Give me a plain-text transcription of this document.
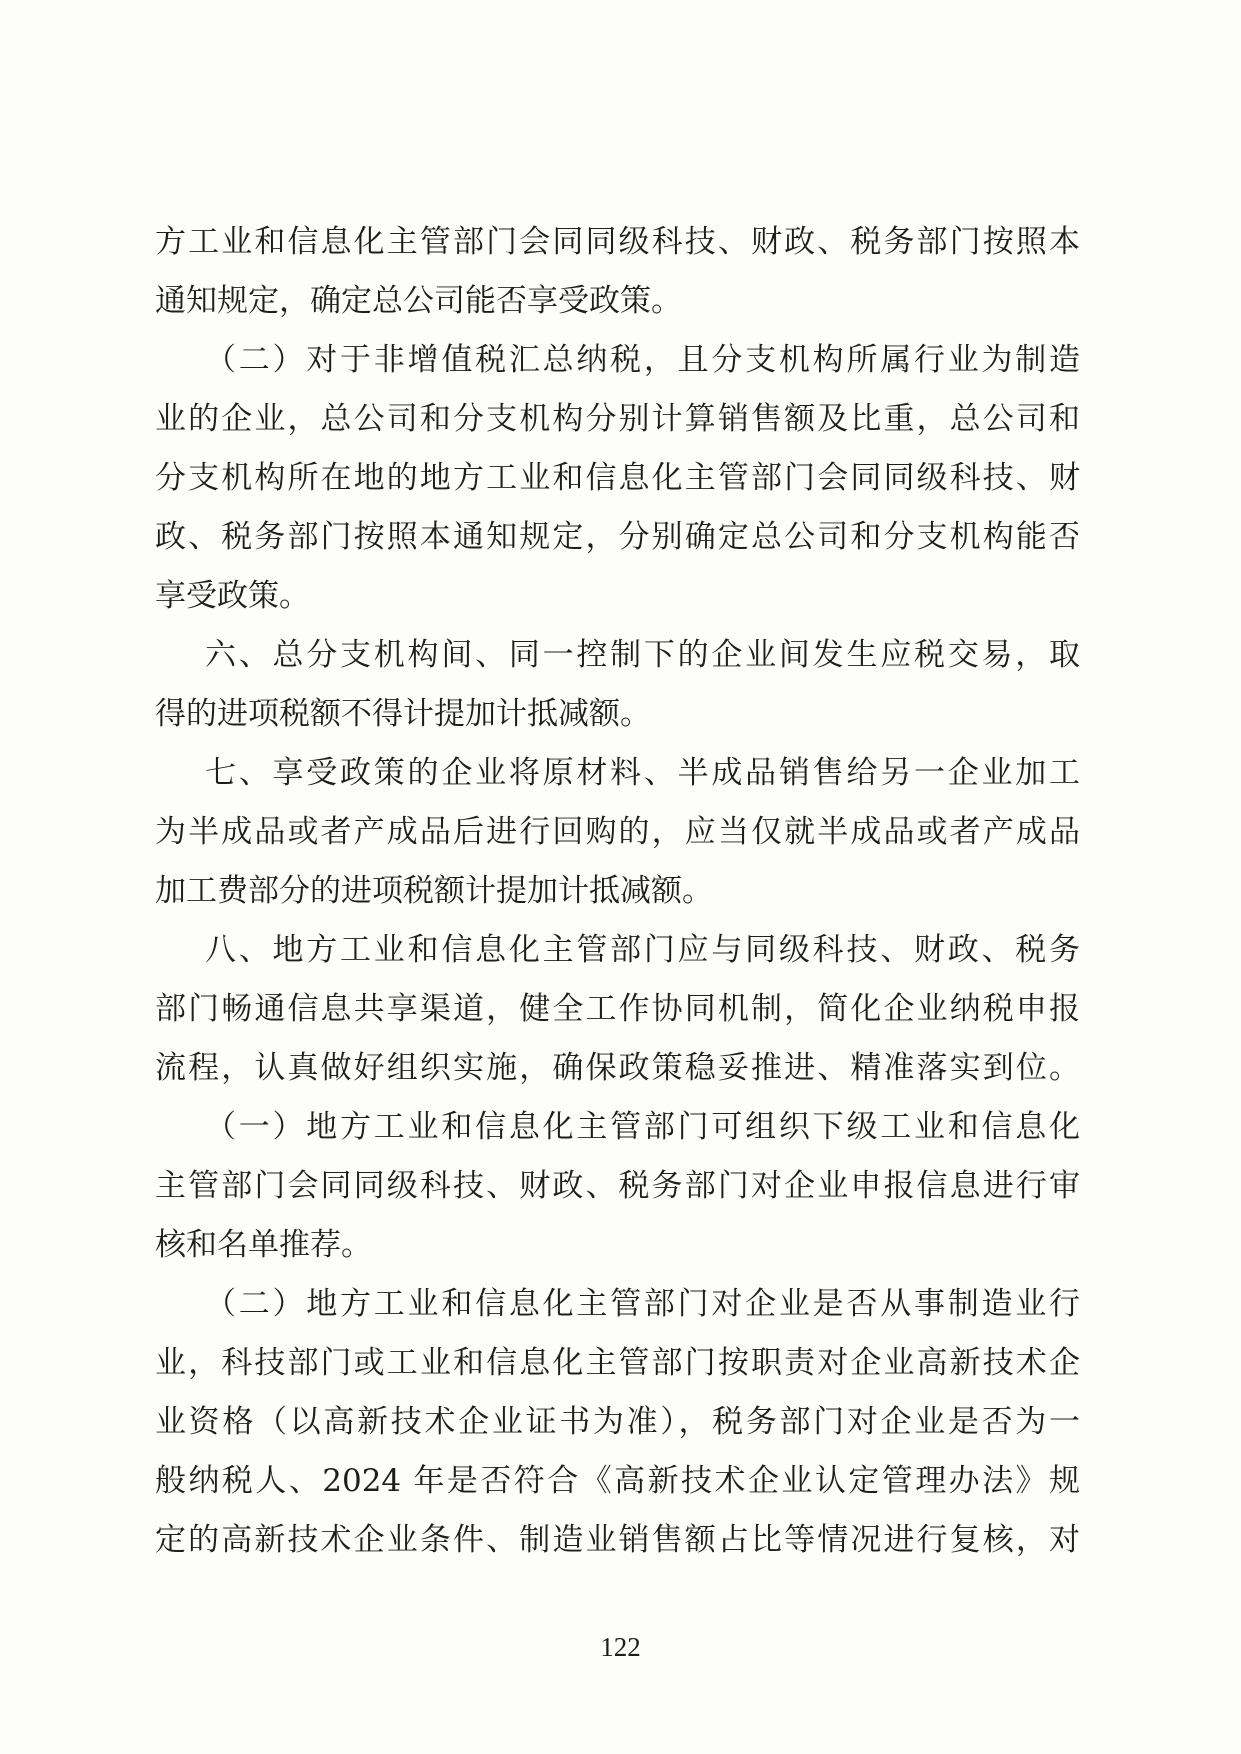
方工业和信息化主管部门会同同级科技、财政、税务部门按照本
通知规定，确定总公司能否享受政策。
（二）对于非增值税汇总纳税，且分支机构所属行业为制造
业的企业，总公司和分支机构分别计算销售额及比重，总公司和
分支机构所在地的地方工业和信息化主管部门会同同级科技、财
政、税务部门按照本通知规定，分别确定总公司和分支机构能否
享受政策。
六、总分支机构间、同一控制下的企业间发生应税交易，取
得的进项税额不得计提加计抵减额。
七、享受政策的企业将原材料、半成品销售给另一企业加工
为半成品或者产成品后进行回购的，应当仅就半成品或者产成品
加工费部分的进项税额计提加计抵减额。
八、地方工业和信息化主管部门应与同级科技、财政、税务
部门畅通信息共享渠道，健全工作协同机制，简化企业纳税申报
流程，认真做好组织实施，确保政策稳妥推进、精准落实到位。
（一）地方工业和信息化主管部门可组织下级工业和信息化
主管部门会同同级科技、财政、税务部门对企业申报信息进行审
核和名单推荐。
（二）地方工业和信息化主管部门对企业是否从事制造业行
业，科技部门或工业和信息化主管部门按职责对企业高新技术企
业资格（以高新技术企业证书为准），税务部门对企业是否为一
般纳税人、2024 年是否符合《高新技术企业认定管理办法》规
定的高新技术企业条件、制造业销售额占比等情况进行复核，对
122
